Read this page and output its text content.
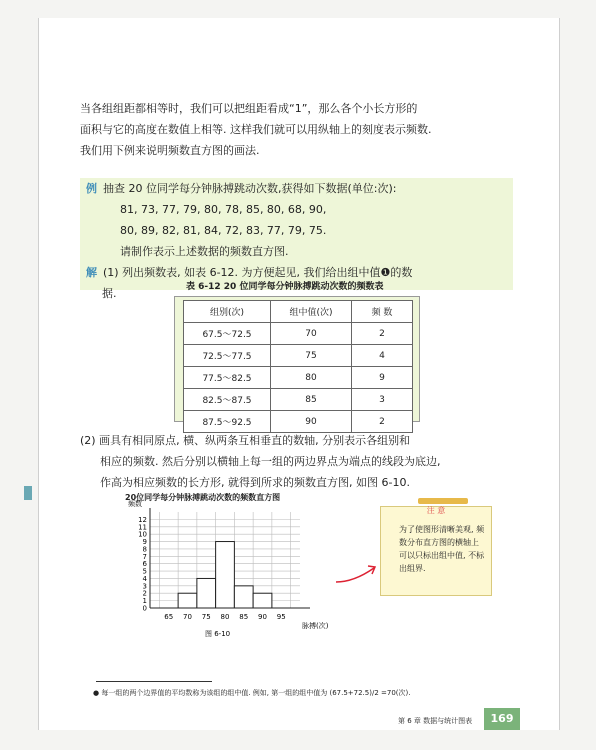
当各组组距都相等时，我们可以把组距看成“1”，那么各个小长方形的
面积与它的高度在数值上相等. 这样我们就可以用纵轴上的刻度表示频数.
我们用下例来说明频数直方图的画法.
例 抽查 20 位同学每分钟脉搏跳动次数,获得如下数据(单位:次):
81, 73, 77, 79, 80, 78, 85, 80, 68, 90,
80, 89, 82, 81, 84, 72, 83, 77, 79, 75.
请制作表示上述数据的频数直方图.
解 (1) 列出频数表, 如表 6-12. 为方便起见, 我们给出组中值❶的数
据.	表 6-12 20 位同学每分钟脉搏跳动次数的频数表
组别(次)	组中值(次)	频 数
67.5～72.5	70	2
72.5～77.5	75	4
77.5～82.5	80	9
82.5～87.5	85	3
87.5～92.5	90	2
(2) 画具有相同原点, 横、纵两条互相垂直的数轴, 分别表示各组别和
相应的频数. 然后分别以横轴上每一组的两边界点为端点的线段为底边,
作高为相应频数的长方形, 就得到所求的频数直方图, 如图 6-10.
20位同学每分钟脉搏跳动次数的频数直方图
0
1
2
3
4
5
6
7
8
9
10
11
12
65 70 75 80 85 90 95
频数
脉搏(次)
图 6-10
注 意
为了使图形清晰美观, 频数分布直方图的横轴上可以只标出组中值, 不标出组界.
● 每一组的两个边界值的平均数称为该组的组中值. 例如, 第一组的组中值为 (67.5+72.5)/2 =70(次).
第 6 章 数据与统计图表	169
